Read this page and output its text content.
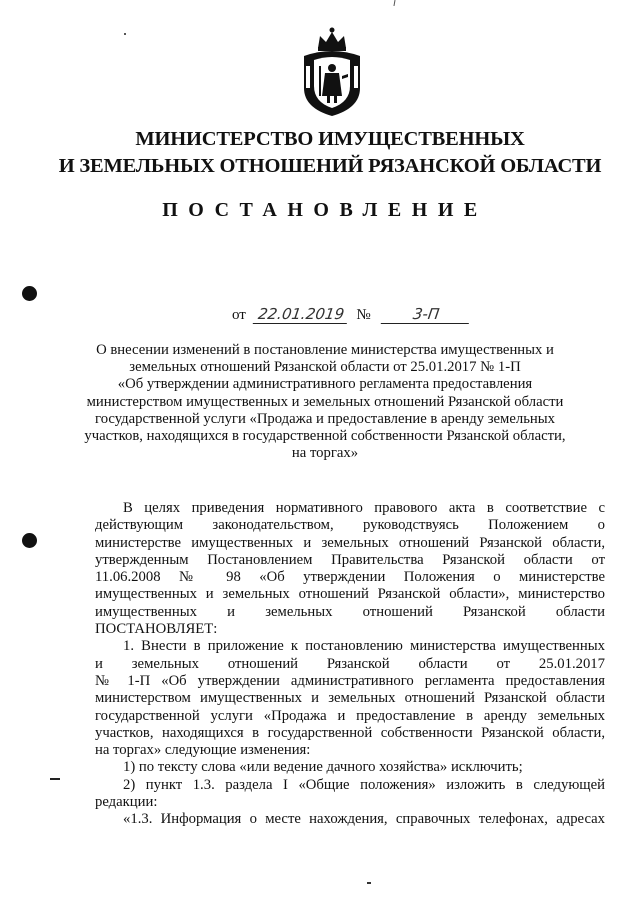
МИНИСТЕРСТВО ИМУЩЕСТВЕННЫХ
И ЗЕМЕЛЬНЫХ ОТНОШЕНИЙ РЯЗАНСКОЙ ОБЛАСТИ
ПОСТАНОВЛЕНИЕ
от 22.01.2019 №	3-П
О внесении изменений в постановление министерства имущественных и
земельных отношений Рязанской области от 25.01.2017 № 1-П
«Об утверждении административного регламента предоставления
министерством имущественных и земельных отношений Рязанской области
государственной услуги «Продажа и предоставление в аренду земельных
участков, находящихся в государственной собственности Рязанской области,
на торгах»
В целях приведения нормативного правового акта в соответствие с
действующим законодательством, руководствуясь Положением о
министерстве имущественных и земельных отношений Рязанской области,
утвержденным Постановлением Правительства Рязанской области от
11.06.2008 № 98 «Об утверждении Положения о министерстве
имущественных и земельных отношений Рязанской области», министерство
имущественных и земельных отношений Рязанской области
ПОСТАНОВЛЯЕТ:
1. Внести в приложение к постановлению министерства имущественных
и земельных отношений Рязанской области от 25.01.2017
№ 1-П «Об утверждении административного регламента предоставления
министерством имущественных и земельных отношений Рязанской области
государственной услуги «Продажа и предоставление в аренду земельных
участков, находящихся в государственной собственности Рязанской области,
на торгах» следующие изменения:
1) по тексту слова «или ведение дачного хозяйства» исключить;
2) пункт 1.3. раздела I «Общие положения» изложить в следующей
редакции:
«1.3. Информация о месте нахождения, справочных телефонах, адресах
